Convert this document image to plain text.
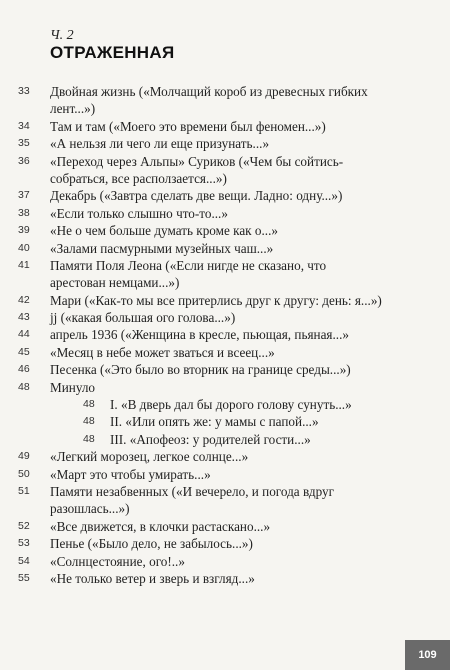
Ч. 2
ОТРАЖЕННАЯ
33 Двойная жизнь («Молчащий короб из древесных гибких
лент...»)
34 Там и там («Моего это времени был феномен...»)
35 «А нельзя ли чего ли еще призунать...»
36 «Переход через Альпы» Суриков («Чем бы сойтись-
собраться, все расползается...»)
37 Декабрь («Завтра сделать две вещи. Ладно: одну...»)
38 «Если только слышно что-то...»
39 «Не о чем больше думать кроме как о...»
40 «Залами пасмурными музейных чаш...»
41 Памяти Поля Леона («Если нигде не сказано, что
арестован немцами...»)
42 Мари («Как-то мы все притерлись друг к другу: день: я...»)
43 jj («какая большая ого голова...»)
44 апрель 1936 («Женщина в кресле, пьющая, пьяная...»
45 «Месяц в небе может зваться и всеец...»
46 Песенка («Это было во вторник на границе среды...»)
48 Минуло
48 I. «В дверь дал бы дорого голову сунуть...»
48 II. «Или опять же: у мамы с папой...»
48 III. «Апофеоз: у родителей гости...»
49 «Легкий морозец, легкое солнце...»
50 «Март это чтобы умирать...»
51 Памяти незабвенных («И вечерело, и погода вдруг
разошлась...»)
52 «Все движется, в клочки растаскано...»
53 Пенье («Было дело, не забылось...»)
54 «Солнцестояние, ого!..»
55 «Не только ветер и зверь и взгляд...»
109
